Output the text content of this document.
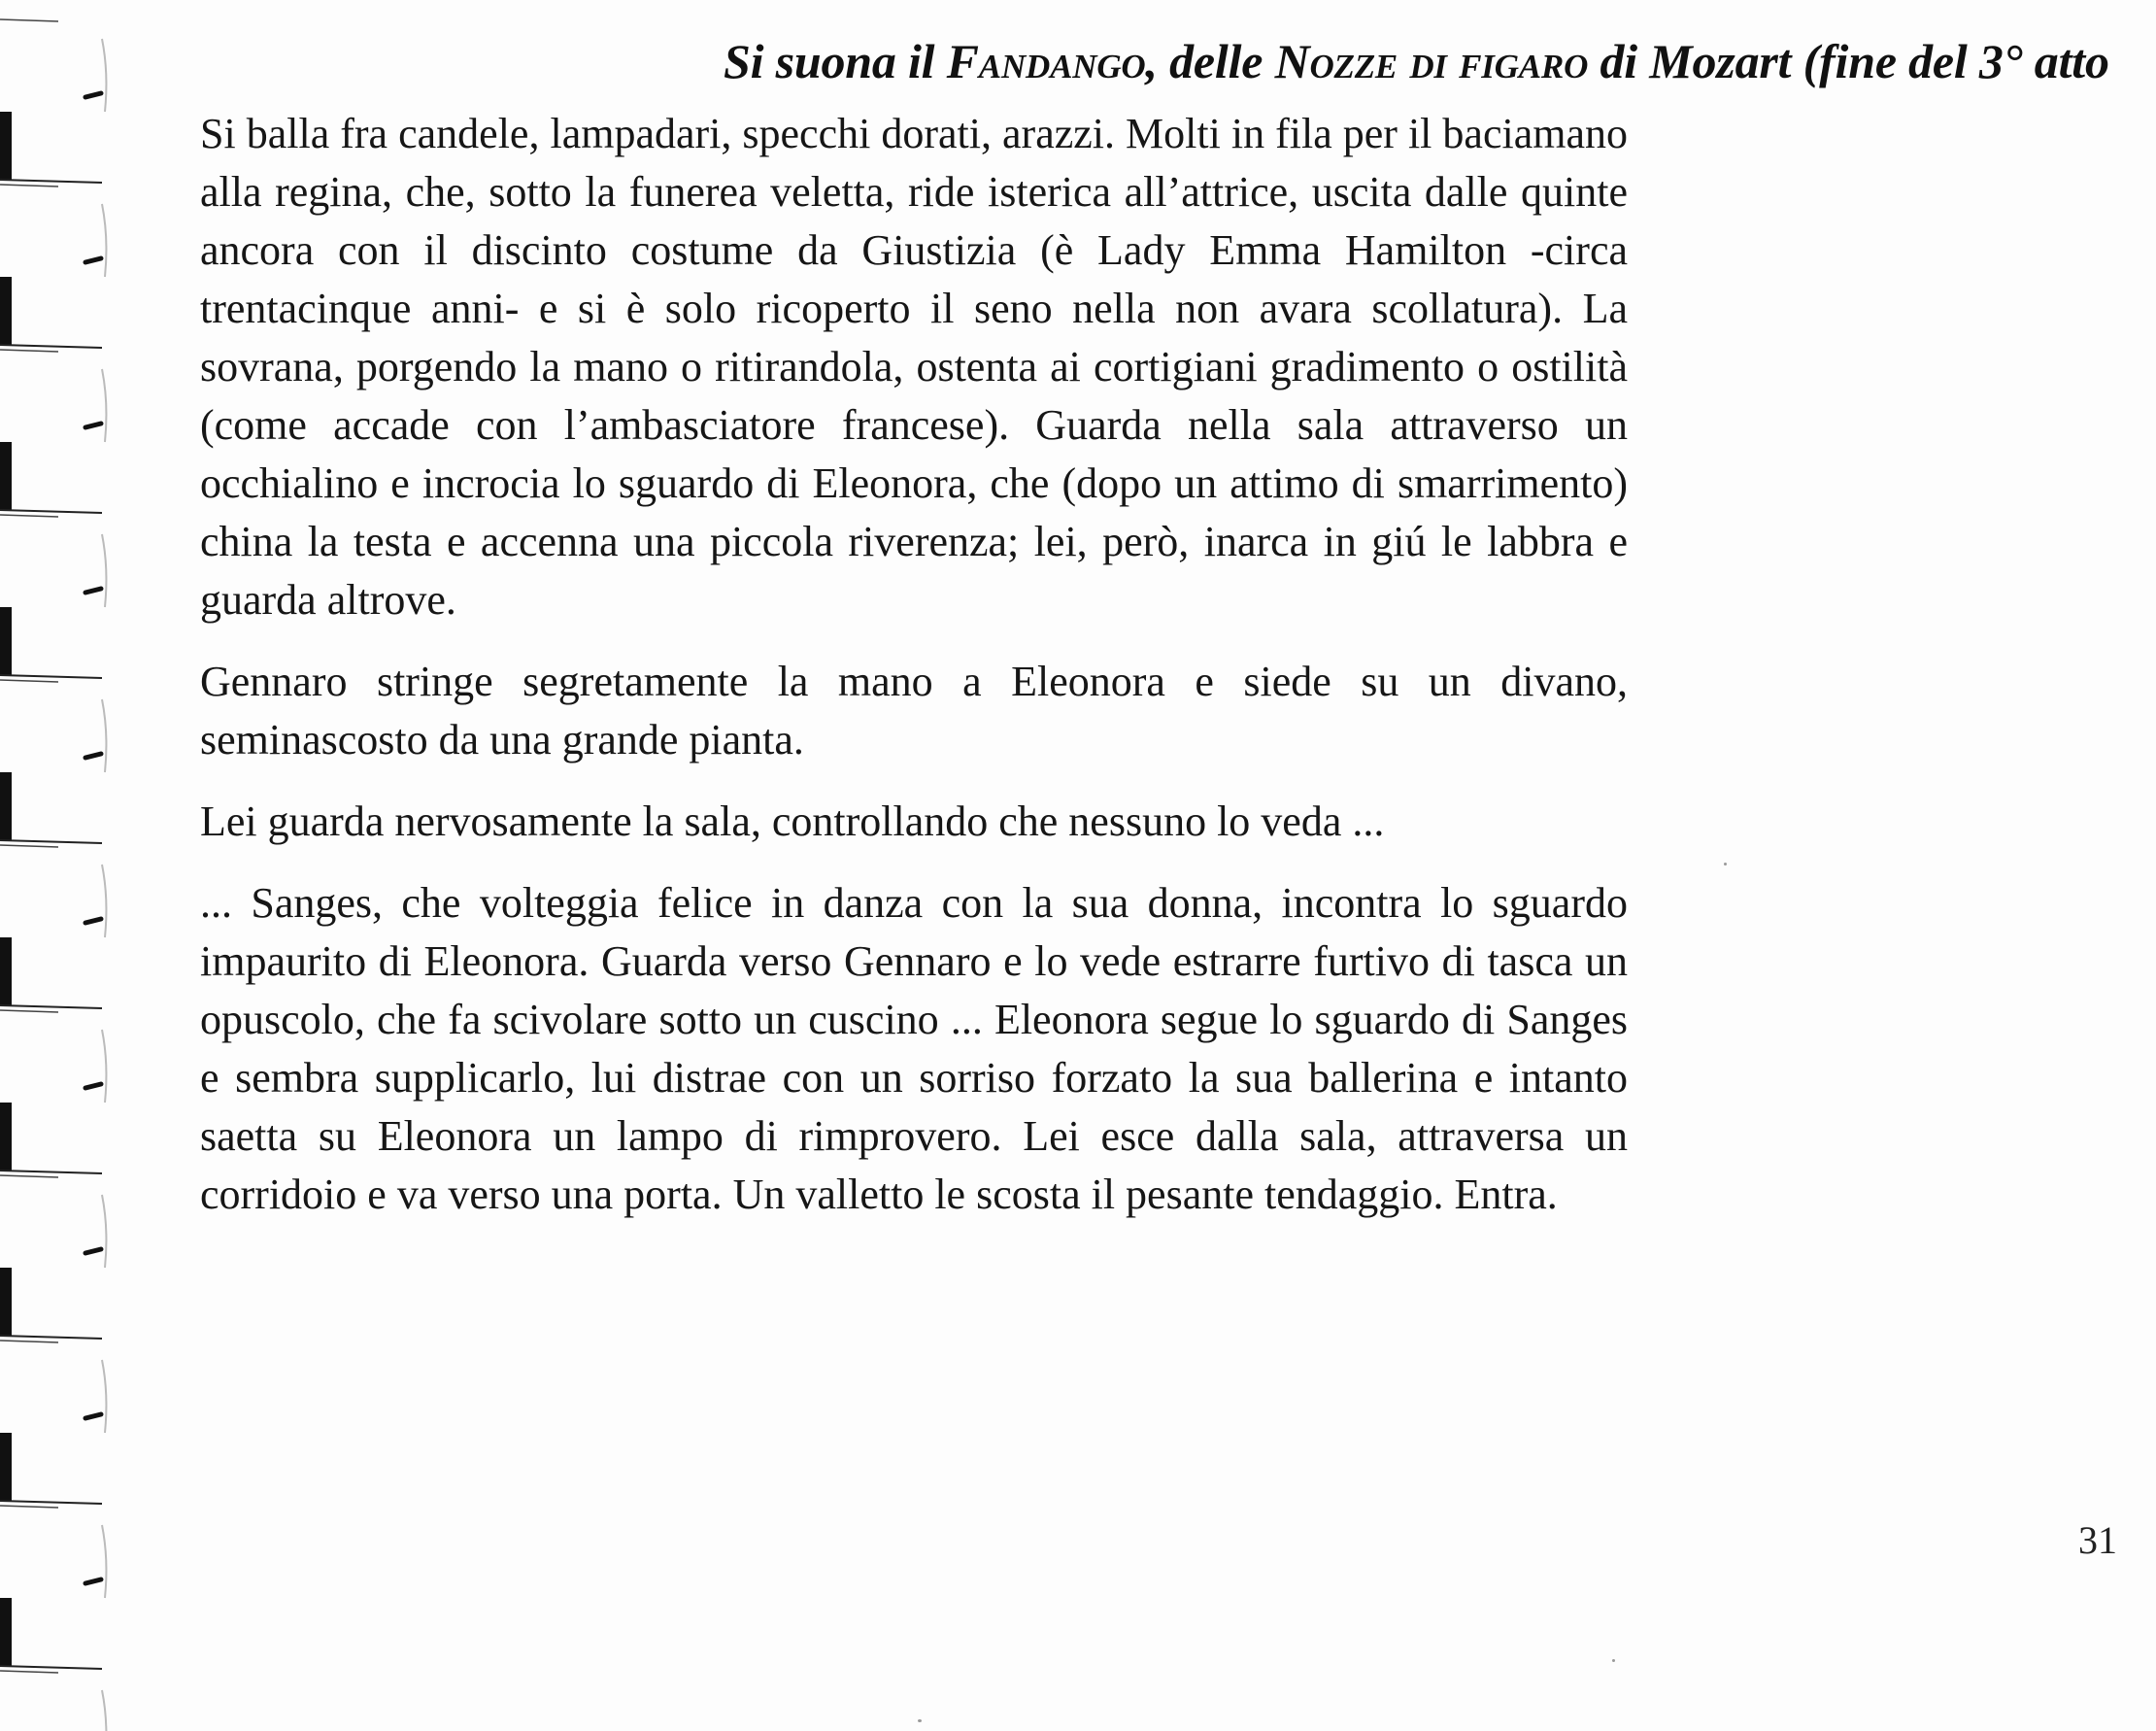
Si suona il Fandango, delle Nozze di figaro di Mozart (fine del 3° atto

Si balla fra candele, lampadari, specchi dorati, arazzi. Molti in fila per il baciamano alla regina, che, sotto la funerea veletta, ride isterica all’attrice, uscita dalle quinte ancora con il discinto costume da Giustizia (è Lady Emma Hamilton -circa trentacinque anni- e si è solo ricoperto il seno nella non avara scollatura). La sovrana, porgendo la mano o ritirandola, ostenta ai cortigiani gradimento o ostilità (come accade con l’ambasciatore francese). Guarda nella sala attraverso un occhialino e incrocia lo sguardo di Eleonora, che (dopo un attimo di smarrimento) china la testa e accenna una piccola riverenza; lei, però, inarca in giú le labbra e guarda altrove.

Gennaro stringe segretamente la mano a Eleonora e siede su un divano, seminascosto da una grande pianta.

Lei guarda nervosamente la sala, controllando che nessuno lo veda ...

... Sanges, che volteggia felice in danza con la sua donna, incontra lo sguardo impaurito di Eleonora. Guarda verso Gennaro e lo vede estrarre furtivo di tasca un opuscolo, che fa scivolare sotto un cuscino ... Eleonora segue lo sguardo di Sanges e sembra supplicarlo, lui distrae con un sorriso forzato la sua ballerina e intanto saetta su Eleonora un lampo di rimprovero. Lei esce dalla sala, attraversa un corridoio e va verso una porta. Un valletto le scosta il pesante tendaggio. Entra.

31
